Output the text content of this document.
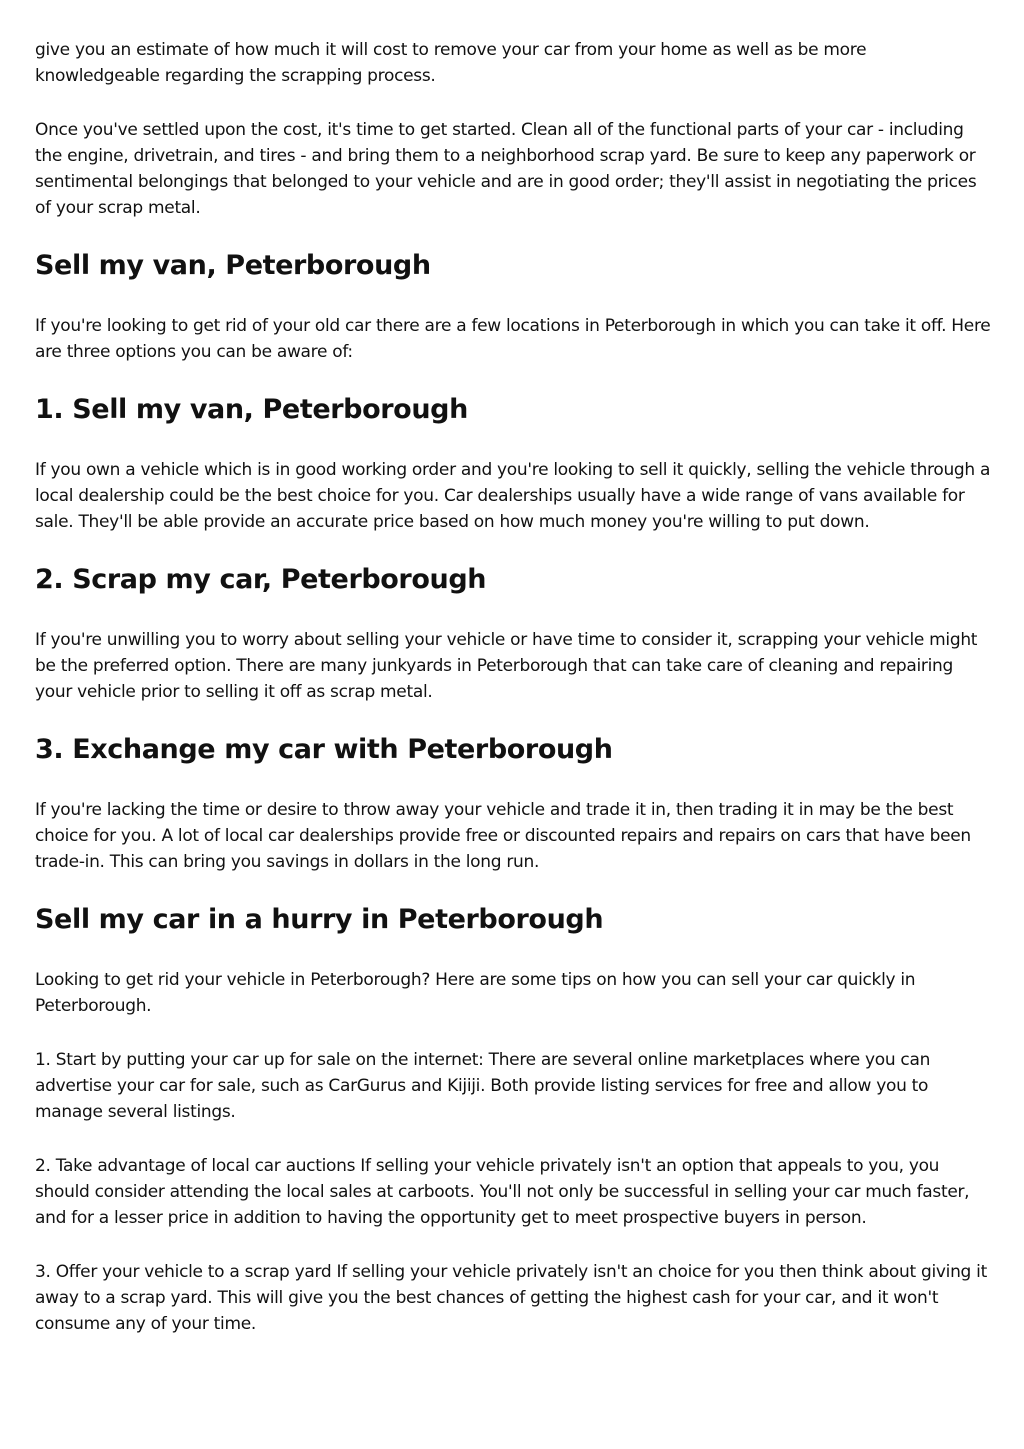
give you an estimate of how much it will cost to remove your car from your home as well as be more knowledgeable regarding the scrapping process.

Once you've settled upon the cost, it's time to get started. Clean all of the functional parts of your car - including the engine, drivetrain, and tires - and bring them to a neighborhood scrap yard. Be sure to keep any paperwork or sentimental belongings that belonged to your vehicle and are in good order; they'll assist in negotiating the prices of your scrap metal.

Sell my van, Peterborough

If you're looking to get rid of your old car there are a few locations in Peterborough in which you can take it off. Here are three options you can be aware of:

1. Sell my van, Peterborough

If you own a vehicle which is in good working order and you're looking to sell it quickly, selling the vehicle through a local dealership could be the best choice for you. Car dealerships usually have a wide range of vans available for sale. They'll be able provide an accurate price based on how much money you're willing to put down.

2. Scrap my car, Peterborough

If you're unwilling you to worry about selling your vehicle or have time to consider it, scrapping your vehicle might be the preferred option. There are many junkyards in Peterborough that can take care of cleaning and repairing your vehicle prior to selling it off as scrap metal.

3. Exchange my car with Peterborough

If you're lacking the time or desire to throw away your vehicle and trade it in, then trading it in may be the best choice for you. A lot of local car dealerships provide free or discounted repairs and repairs on cars that have been trade-in. This can bring you savings in dollars in the long run.

Sell my car in a hurry in Peterborough

Looking to get rid your vehicle in Peterborough? Here are some tips on how you can sell your car quickly in Peterborough.

1. Start by putting your car up for sale on the internet: There are several online marketplaces where you can advertise your car for sale, such as CarGurus and Kijiji. Both provide listing services for free and allow you to manage several listings.

2. Take advantage of local car auctions If selling your vehicle privately isn't an option that appeals to you, you should consider attending the local sales at carboots. You'll not only be successful in selling your car much faster, and for a lesser price in addition to having the opportunity get to meet prospective buyers in person.

3. Offer your vehicle to a scrap yard If selling your vehicle privately isn't an choice for you then think about giving it away to a scrap yard. This will give you the best chances of getting the highest cash for your car, and it won't consume any of your time.
